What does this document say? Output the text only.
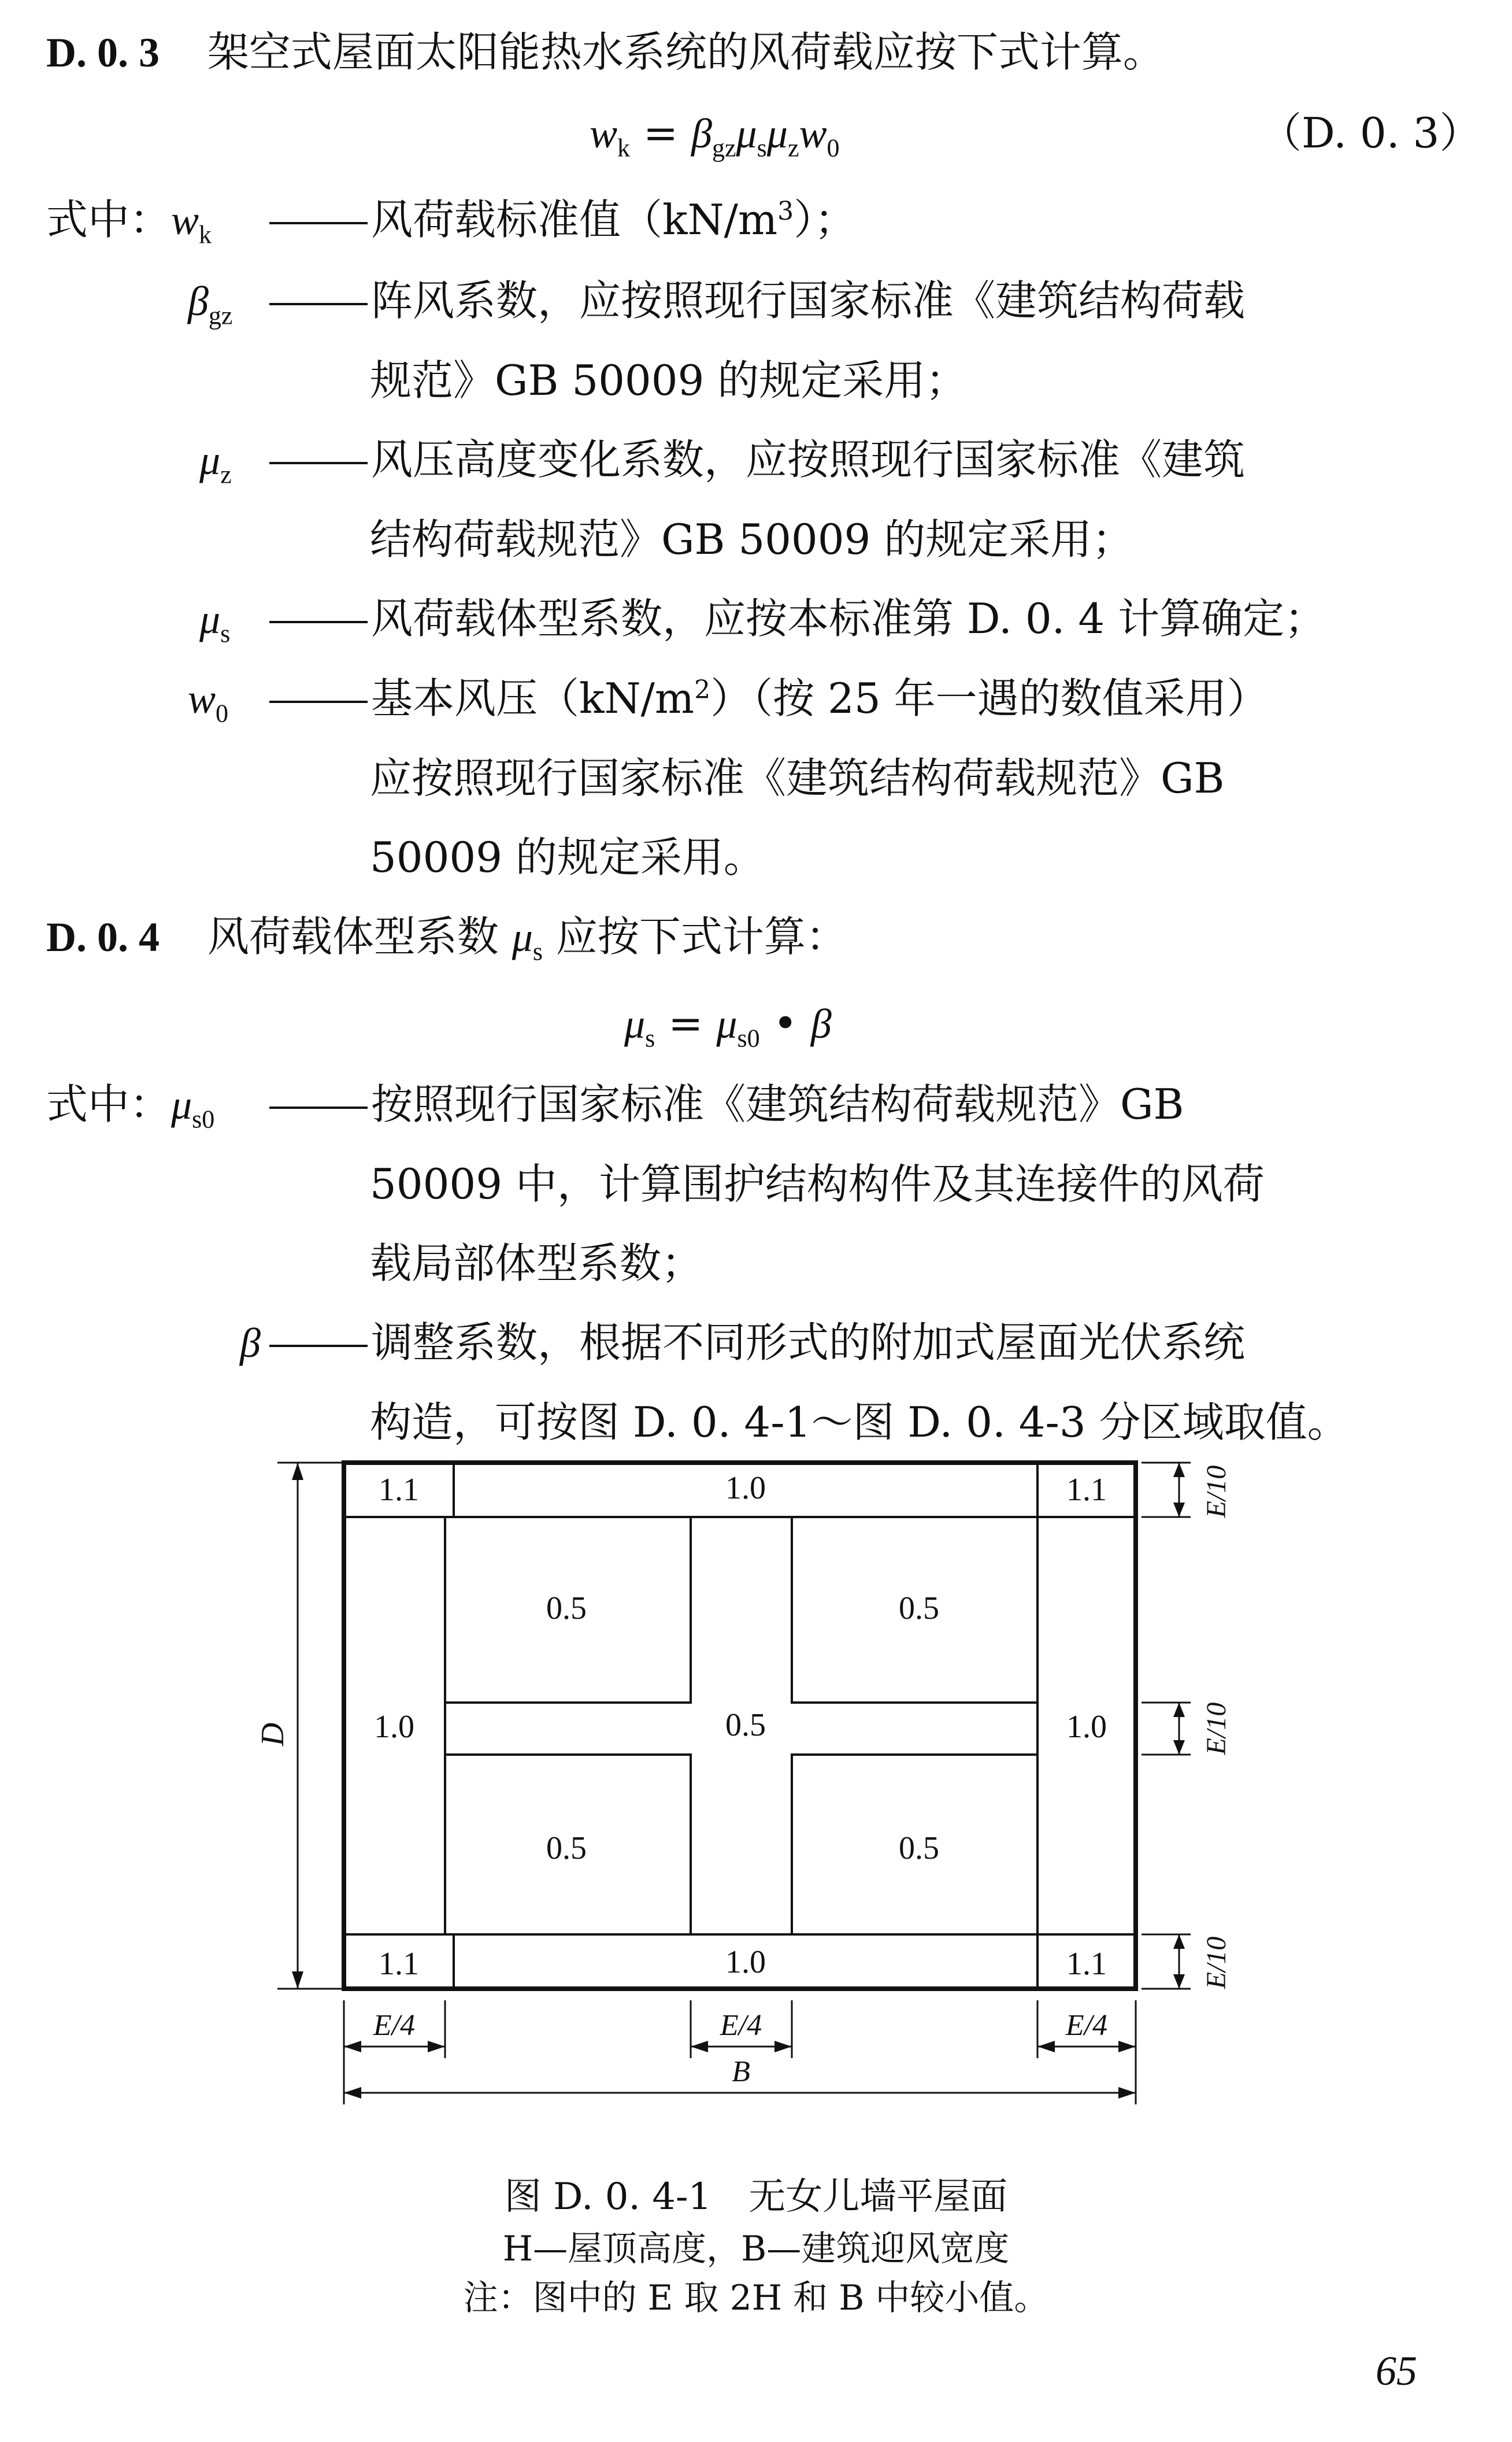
D. 0. 3 架空式屋面太阳能热水系统的风荷载应按下式计算。
$w_k = \beta_{gz}\mu_s\mu_zw_0$	（D. 0. 3）
式中：$w_k$	风荷载标准值$(kN/m^3)$；
$\beta_{gz}$	阵风系数，应按照现行国家标准《建筑结构荷载
规范》GB 50009 的规定采用；
$\mu_z$	风压高度变化系数，应按照现行国家标准《建筑
结构荷载规范》GB 50009 的规定采用；
$\mu_s$	风荷载体型系数，应按本标准第 D. 0. 4 计算确定；
$w_0$	基本风压$(kN/m^2)$（按 25 年一遇的数值采用）
应按照现行国家标准《建筑结构荷载规范》GB
50009 的规定采用。
D. 0. 4 风荷载体型系数 $\mu_s$ 应按下式计算：
$\mu_s = \mu_{s0}$ • β
式中：$\mu_{s0}$	按照现行国家标准《建筑结构荷载规范》GB
50009 中，计算围护结构构件及其连接件的风荷
载局部体型系数；
β	调整系数，根据不同形式的附加式屋面光伏系统
构造，可按图 D. 0. 4-1～图 D. 0. 4-3 分区域取值。
1.1	1.0	1.1
0.5	0.5
1.0	0.5	1.0
0.5	0.5
1.1	1.0	1.1
D
E/4	E/4	E/4
B
E/10
E/10
E/10
图 D. 0. 4-1　无女儿墙平屋面
H—屋顶高度，B—建筑迎风宽度
注：图中的 E 取 2H 和 B 中较小值。
65
